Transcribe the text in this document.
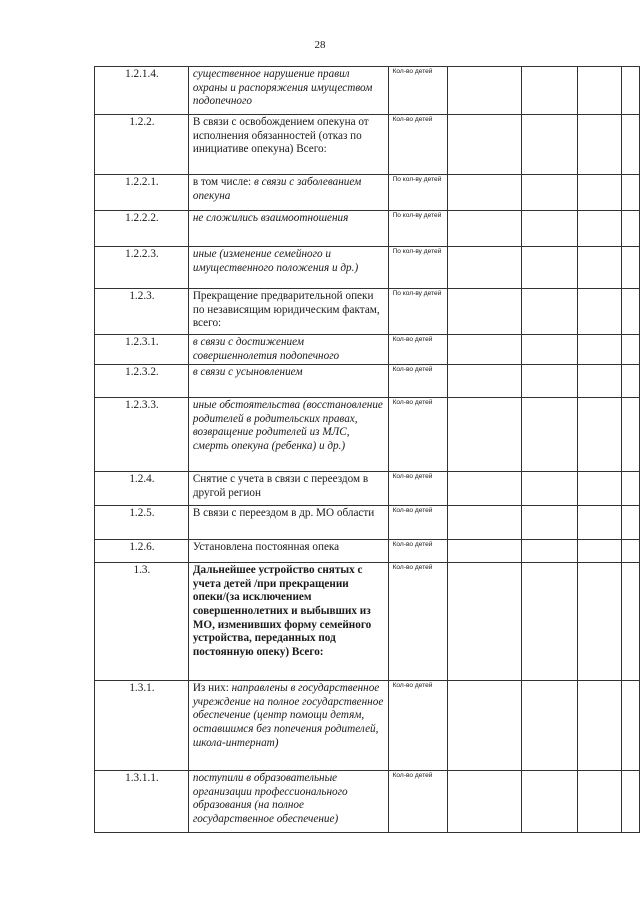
28
1.2.1.4.	существенное нарушение правил охраны и распоряжения имуществом подопечного	Кол-во детей				
1.2.2.	В связи с освобождением опекуна от исполнения обязанностей (отказ по инициативе опекуна) Всего:	Кол-во детей				
1.2.2.1.	в том числе: в связи с заболеванием опекуна	По кол-ву детей				
1.2.2.2.	не сложились взаимоотношения	По кол-ву детей				
1.2.2.3.	иные (изменение семейного и имущественного положения и др.)	По кол-ву детей				
1.2.3.	Прекращение предварительной опеки по независящим юридическим фактам, всего:	По кол-ву детей				
1.2.3.1.	в связи с достижением совершеннолетия подопечного	Кол-во детей				
1.2.3.2.	в связи с усыновлением	Кол-во детей				
1.2.3.3.	иные обстоятельства (восстановление родителей в родительских правах, возвращение родителей из МЛС, смерть опекуна (ребенка) и др.)	Кол-во детей				
1.2.4.	Снятие с учета в связи с переездом в другой регион	Кол-во детей				
1.2.5.	В связи с переездом в др. МО области	Кол-во детей				
1.2.6.	Установлена постоянная опека	Кол-во детей				
1.3.	Дальнейшее устройство снятых с учета детей /при прекращении опеки/(за исключением совершеннолетних и выбывших из МО, изменивших форму семейного устройства, переданных под постоянную опеку) Всего:	Кол-во детей				
1.3.1.	Из них: направлены в государственное учреждение на полное государственное обеспечение (центр помощи детям, оставшимся без попечения родителей, школа-интернат)	Кол-во детей				
1.3.1.1.	поступили в образовательные организации профессионального образования (на полное государственное обеспечение)	Кол-во детей				
